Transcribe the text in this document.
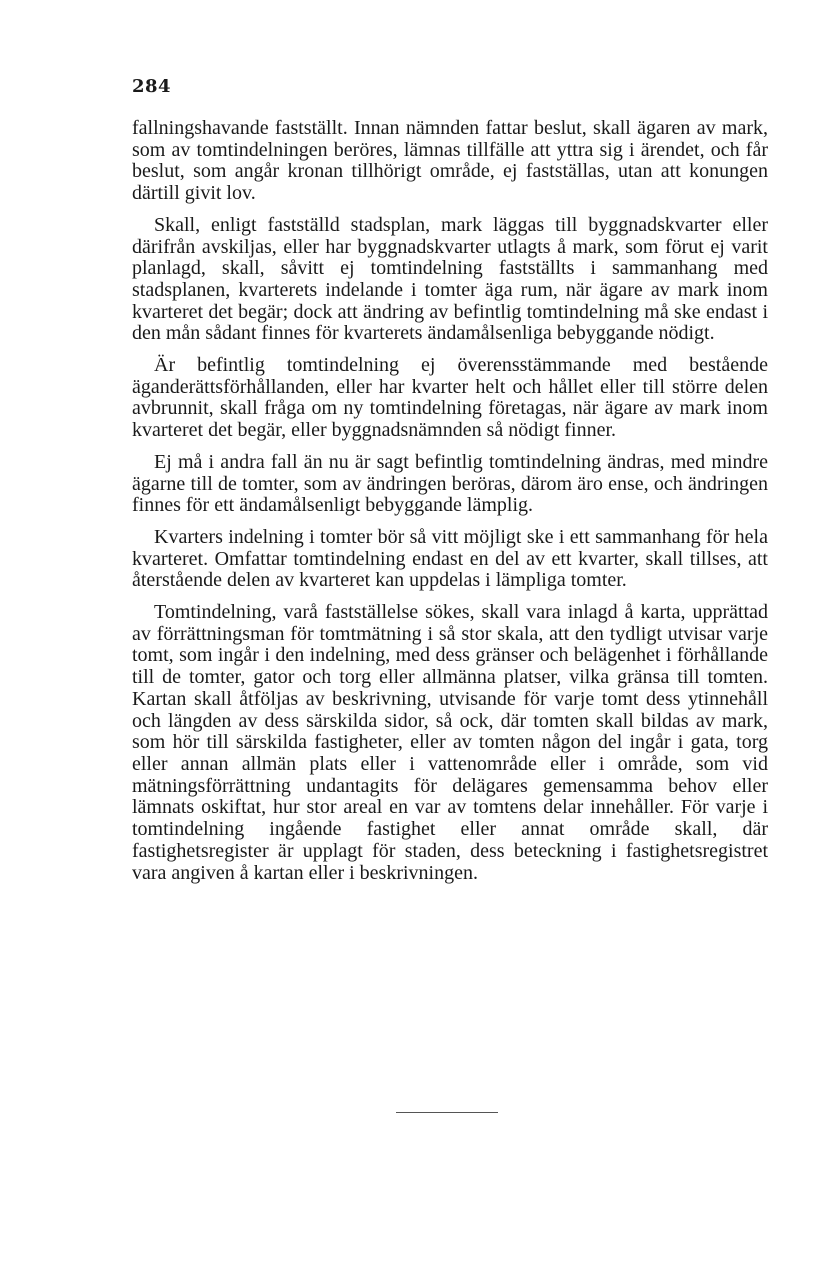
284

fallningshavande fastställt. Innan nämnden fattar beslut, skall ägaren av mark, som av tomtindelningen beröres, lämnas tillfälle att yttra sig i ärendet, och får beslut, som angår kronan tillhörigt område, ej fastställas, utan att konungen därtill givit lov.

Skall, enligt fastställd stadsplan, mark läggas till byggnadskvarter eller därifrån avskiljas, eller har byggnadskvarter utlagts å mark, som förut ej varit planlagd, skall, såvitt ej tomtindelning fastställts i sammanhang med stadsplanen, kvarterets indelande i tomter äga rum, när ägare av mark inom kvarteret det begär; dock att ändring av befintlig tomtindelning må ske endast i den mån sådant finnes för kvarterets ändamålsenliga bebyggande nödigt.

Är befintlig tomtindelning ej överensstämmande med bestående äganderättsförhållanden, eller har kvarter helt och hållet eller till större delen avbrunnit, skall fråga om ny tomtindelning företagas, när ägare av mark inom kvarteret det begär, eller byggnadsnämnden så nödigt finner.

Ej må i andra fall än nu är sagt befintlig tomtindelning ändras, med mindre ägarne till de tomter, som av ändringen beröras, därom äro ense, och ändringen finnes för ett ändamålsenligt bebyggande lämplig.

Kvarters indelning i tomter bör så vitt möjligt ske i ett sammanhang för hela kvarteret. Omfattar tomtindelning endast en del av ett kvarter, skall tillses, att återstående delen av kvarteret kan uppdelas i lämpliga tomter.

Tomtindelning, varå fastställelse sökes, skall vara inlagd å karta, upprättad av förrättningsman för tomtmätning i så stor skala, att den tydligt utvisar varje tomt, som ingår i den indelning, med dess gränser och belägenhet i förhållande till de tomter, gator och torg eller allmänna platser, vilka gränsa till tomten. Kartan skall åtföljas av beskrivning, utvisande för varje tomt dess ytinnehåll och längden av dess särskilda sidor, så ock, där tomten skall bildas av mark, som hör till särskilda fastigheter, eller av tomten någon del ingår i gata, torg eller annan allmän plats eller i vattenområde eller i område, som vid mätningsförrättning undantagits för delägares gemensamma behov eller lämnats oskiftat, hur stor areal en var av tomtens delar innehåller. För varje i tomtindelning ingående fastighet eller annat område skall, där fastighetsregister är upplagt för staden, dess beteckning i fastighetsregistret vara angiven å kartan eller i beskrivningen.
